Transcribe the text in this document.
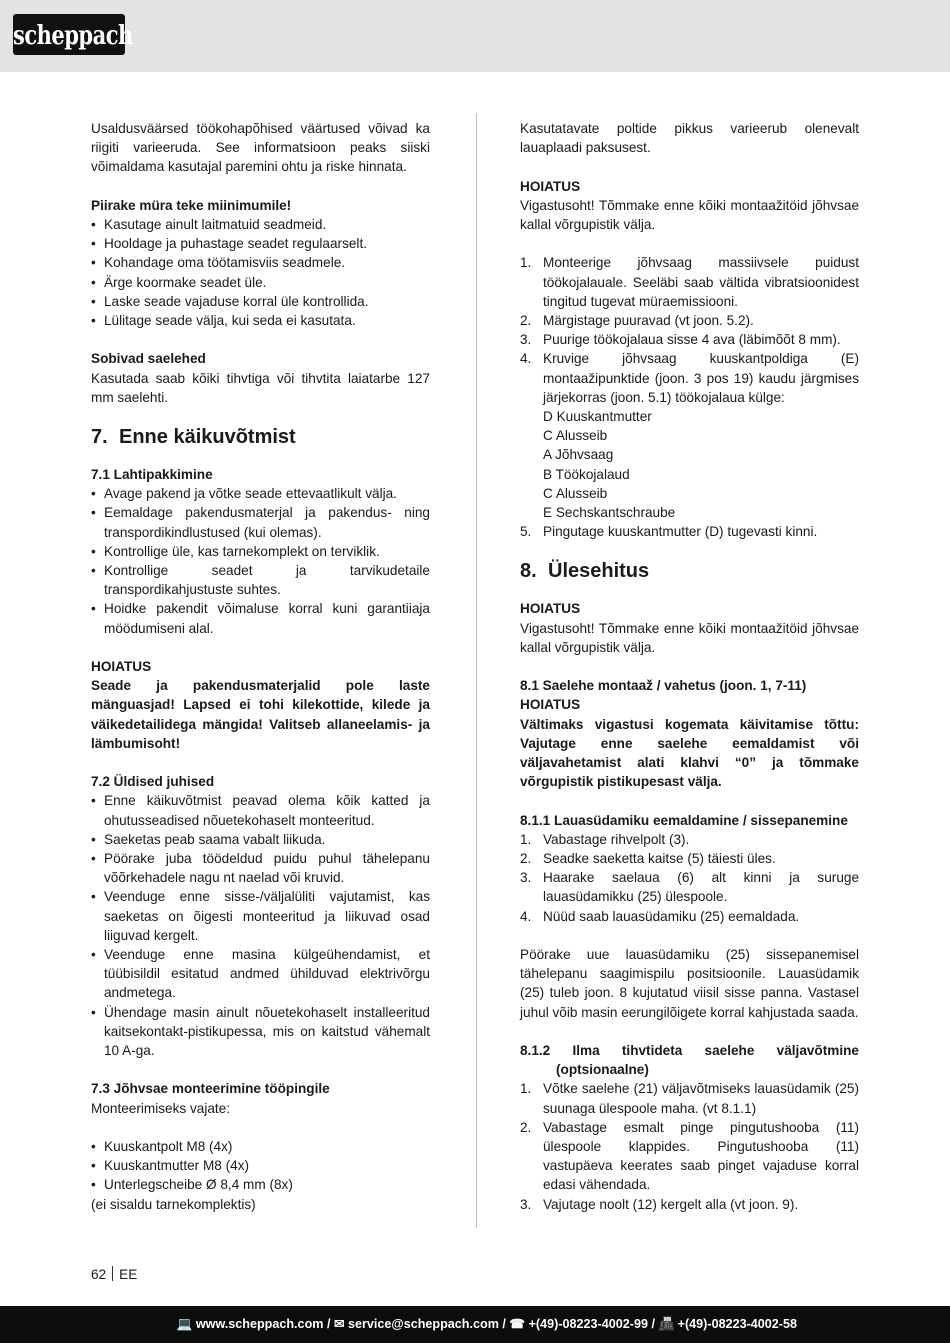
scheppach

Usaldusväärsed töökohapõhised väärtused võivad ka riigiti varieeruda. See informatsioon peaks siiski võimaldama kasutajal paremini ohtu ja riske hinnata.

Piirake müra teke miinimumile!

• Kasutage ainult laitmatuid seadmeid.
• Hooldage ja puhastage seadet regulaarselt.
• Kohandage oma töötamisviis seadmele.
• Ärge koormake seadet üle.
• Laske seade vajaduse korral üle kontrollida.
• Lülitage seade välja, kui seda ei kasutata.

Sobivad saelehed

Kasutada saab kõiki tihvtiga või tihvtita laiatarbe 127 mm saelehti.

7. Enne käikuvõtmist

7.1 Lahtipakkimine

• Avage pakend ja võtke seade ettevaatlikult välja.
• Eemaldage pakendusmaterjal ja pakendus- ning transpordikindlustused (kui olemas).
• Kontrollige üle, kas tarnekomplekt on terviklik.
• Kontrollige seadet ja tarvikudetaile transpordikahjustuste suhtes.
• Hoidke pakendit võimaluse korral kuni garantiiaja möödumiseni alal.

HOIATUS

Seade ja pakendusmaterjalid pole laste mänguasjad! Lapsed ei tohi kilekottide, kilede ja väikedetailidega mängida! Valitseb allaneelamis- ja lämbumisoht!

7.2 Üldised juhised

• Enne käikuvõtmist peavad olema kõik katted ja ohutusseadised nõuetekohaselt monteeritud.
• Saeketas peab saama vabalt liikuda.
• Pöörake juba töödeldud puidu puhul tähelepanu võõrkehadele nagu nt naelad või kruvid.
• Veenduge enne sisse-/väljalüliti vajutamist, kas saeketas on õigesti monteeritud ja liikuvad osad liiguvad kergelt.
• Veenduge enne masina külgeühendamist, et tüübisildil esitatud andmed ühilduvad elektrivõrgu andmetega.
• Ühendage masin ainult nõuetekohaselt installeeritud kaitsekontakt-pistikupessa, mis on kaitstud vähemalt 10 A-ga.

7.3 Jõhvsae monteerimine tööpingile

Monteerimiseks vajate:

• Kuuskantpolt M8 (4x)
• Kuuskantmutter M8 (4x)
• Unterlegscheibe Ø 8,4 mm (8x)

(ei sisaldu tarnekomplektis)

Kasutatavate poltide pikkus varieerub olenevalt lauaplaadi paksusest.

HOIATUS

Vigastusoht! Tõmmake enne kõiki montaažitöid jõhvsae kallal võrgupistik välja.

1. Monteerige jõhvsaag massiivsele puidust töökojalauale. Seeläbi saab vältida vibratsioonidest tingitud tugevat müraemissiooni.
2. Märgistage puuravad (vt joon. 5.2).
3. Puurige töökojalaua sisse 4 ava (läbimõõt 8 mm).
4. Kruvige jõhvsaag kuuskantpoldiga (E) montaažipunktide (joon. 3 pos 19) kaudu järgmises järjekorras (joon. 5.1) töökojalaua külge:

D Kuuskantmutter

C Alusseib

A Jõhvsaag

B Töökojalaud

C Alusseib

E Sechskantschraube

5. Pingutage kuuskantmutter (D) tugevasti kinni.
8. Ülesehitus

HOIATUS

Vigastusoht! Tõmmake enne kõiki montaažitöid jõhvsae kallal võrgupistik välja.

8.1 Saelehe montaaž / vahetus (joon. 1, 7-11)

HOIATUS

Vältimaks vigastusi kogemata käivitamise tõttu: Vajutage enne saelehe eemaldamist või väljavahetamist alati klahvi “0” ja tõmmake võrgupistik pistikupesast välja.

8.1.1 Lauasüdamiku eemaldamine / sissepanemine

1. Vabastage rihvelpolt (3).
2. Seadke saeketta kaitse (5) täiesti üles.
3. Haarake saelaua (6) alt kinni ja suruge lauasüdamikku (25) ülespoole.
4. Nüüd saab lauasüdamiku (25) eemaldada.

Pöörake uue lauasüdamiku (25) sissepanemisel tähelepanu saagimispilu positsioonile. Lauasüdamik (25) tuleb joon. 8 kujutatud viisil sisse panna. Vastasel juhul võib masin eerungilõigete korral kahjustada saada.

8.1.2 Ilma tihvtideta saelehe väljavõtmine (optsionaalne)

1. Võtke saelehe (21) väljavõtmiseks lauasüdamik (25) suunaga ülespoole maha. (vt 8.1.1)
2. Vabastage esmalt pinge pingutushooba (11) ülespoole klappides. Pingutushooba (11) vastupäeva keerates saab pinget vajaduse korral edasi vähendada.
3. Vajutage noolt (12) kergelt alla (vt joon. 9).
62 EE
💻 www.scheppach.com / ✉ service@scheppach.com / ☎ +(49)-08223-4002-99 / 📠 +(49)-08223-4002-58
